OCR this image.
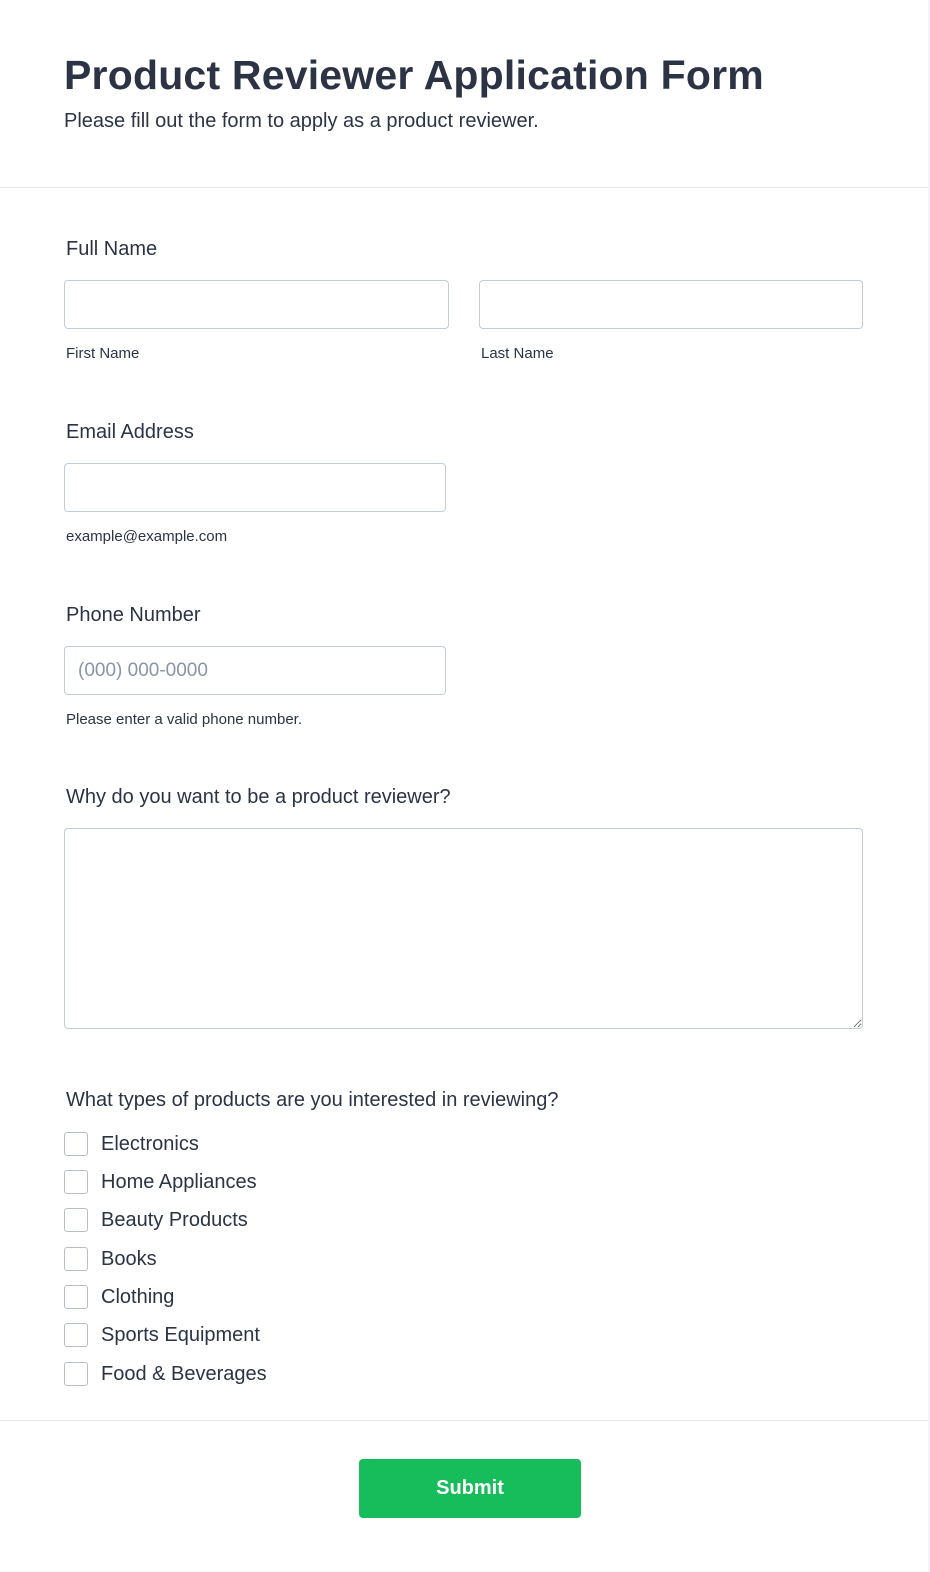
Product Reviewer Application Form
Please fill out the form to apply as a product reviewer.
Full Name
First Name	Last Name
Email Address
example@example.com
Phone Number
(000) 000-0000
Please enter a valid phone number.
Why do you want to be a product reviewer?
What types of products are you interested in reviewing?
Electronics
Home Appliances
Beauty Products
Books
Clothing
Sports Equipment
Food & Beverages
Submit
